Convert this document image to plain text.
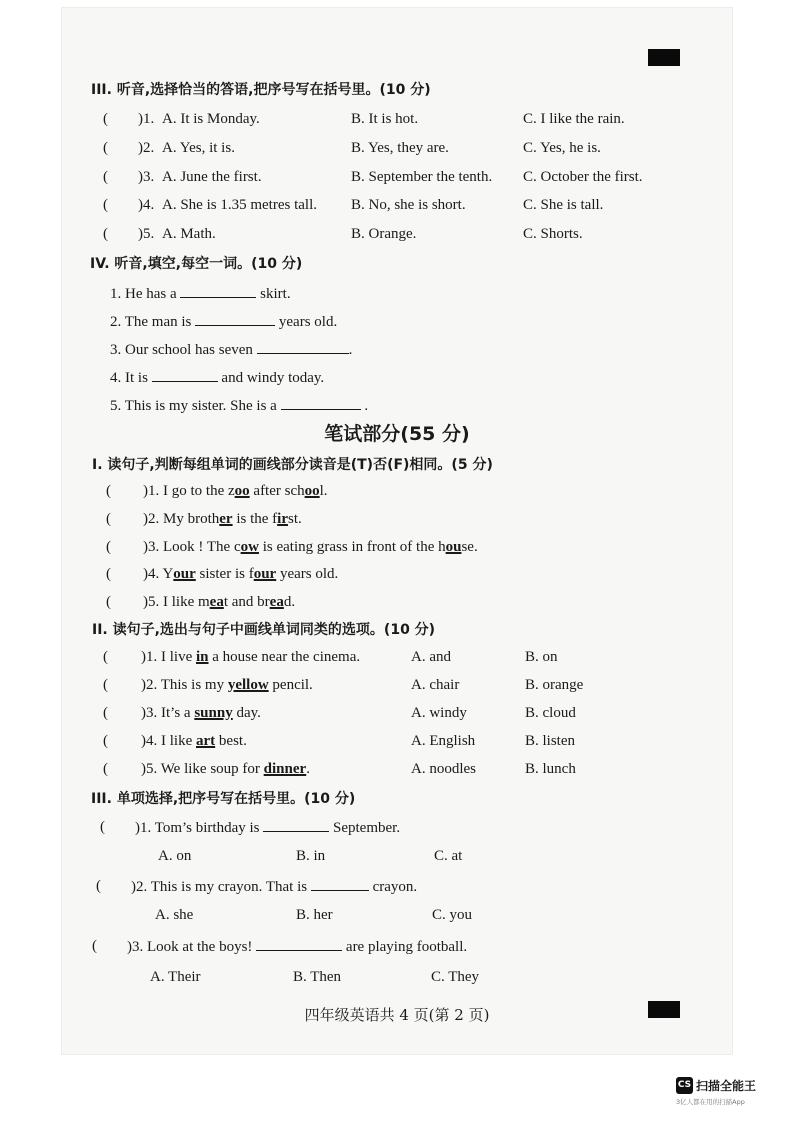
III. 听音,选择恰当的答语,把序号写在括号里。(10 分)
( )1. A. It is Monday.	B. It is hot.	C. I like the rain.
( )2. A. Yes, it is.	B. Yes, they are.	C. Yes, he is.
( )3. A. June the first.	B. September the tenth. C. October the first.
( )4. A. She is 1.35 metres tall. B. No, she is short.	C. She is tall.
( )5. A. Math.	B. Orange.	C. Shorts.
IV. 听音,填空,每空一词。(10 分)
1. He has a	skirt.
2. The man is	years old.
3. Our school has seven	.
4. It is	and windy today.
5. This is my sister. She is a	.
笔试部分(55 分)
I. 读句子,判断每组单词的画线部分读音是(T)否(F)相同。(5 分)
( )1. I go to the zoo after school.
( )2. My brother is the first.
( )3. Look ! The cow is eating grass in front of the house.
( )4. Your sister is four years old.
( )5. I like meat and bread.
II. 读句子,选出与句子中画线单词同类的选项。(10 分)
( )1. I live in a house near the cinema.	A. and	B. on
( )2. This is my yellow pencil.	A. chair	B. orange
( )3. It’s a sunny day.	A. windy	B. cloud
( )4. I like art best.	A. English	B. listen
( )5. We like soup for dinner.	A. noodles	B. lunch
III. 单项选择,把序号写在括号里。(10 分)
( )1. Tom’s birthday is	September.
A. on	B. in	C. at
( )2. This is my crayon. That is	crayon.
A. she	B. her	C. you
( )3. Look at the boys!	are playing football.
A. Their	B. Then	C. They
四年级英语共 4 页(第 2 页)
CS 扫描全能王
3亿人都在用的扫描App
